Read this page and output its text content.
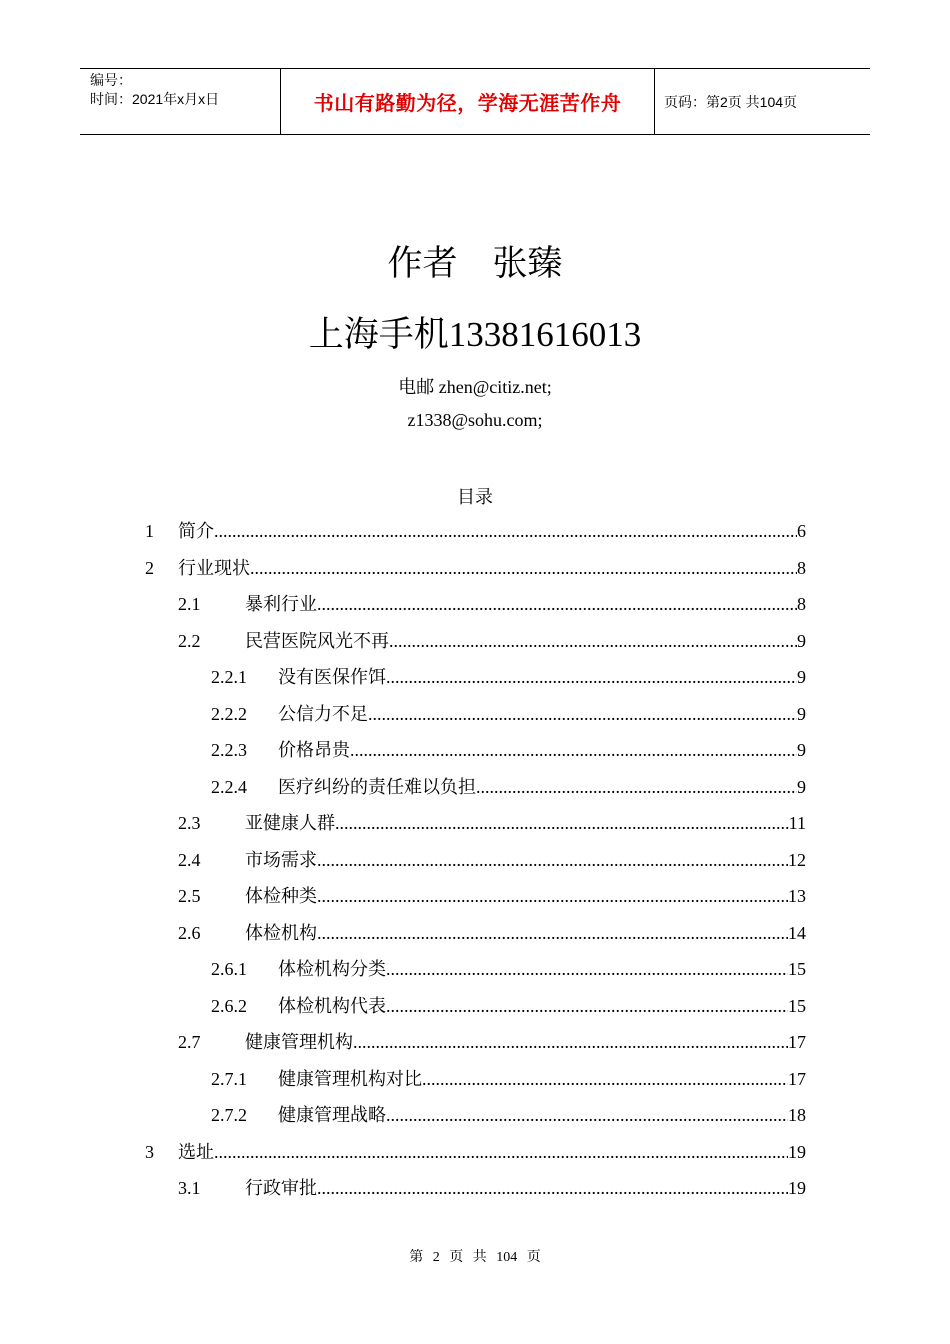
编号：
时间：2021年x月x日	书山有路勤为径，学海无涯苦作舟	页码：第2页 共104页
作者　张臻
上海手机13381616013
电邮 zhen@citiz.net;
z1338@sohu.com;
目录
1	简介 .....	6
2	行业现状 .....	8
2.1	暴利行业 .....	8
2.2	民营医院风光不再 .....	9
2.2.1	没有医保作饵 .....	9
2.2.2	公信力不足 .....	9
2.2.3	价格昂贵 .....	9
2.2.4	医疗纠纷的责任难以负担 .....	9
2.3	亚健康人群 .....	11
2.4	市场需求 .....	12
2.5	体检种类 .....	13
2.6	体检机构 .....	14
2.6.1	体检机构分类 .....	15
2.6.2	体检机构代表 .....	15
2.7	健康管理机构 .....	17
2.7.1	健康管理机构对比 .....	17
2.7.2	健康管理战略 .....	18
3	选址 .....	19
3.1	行政审批 .....	19
第 2 页 共 104 页
